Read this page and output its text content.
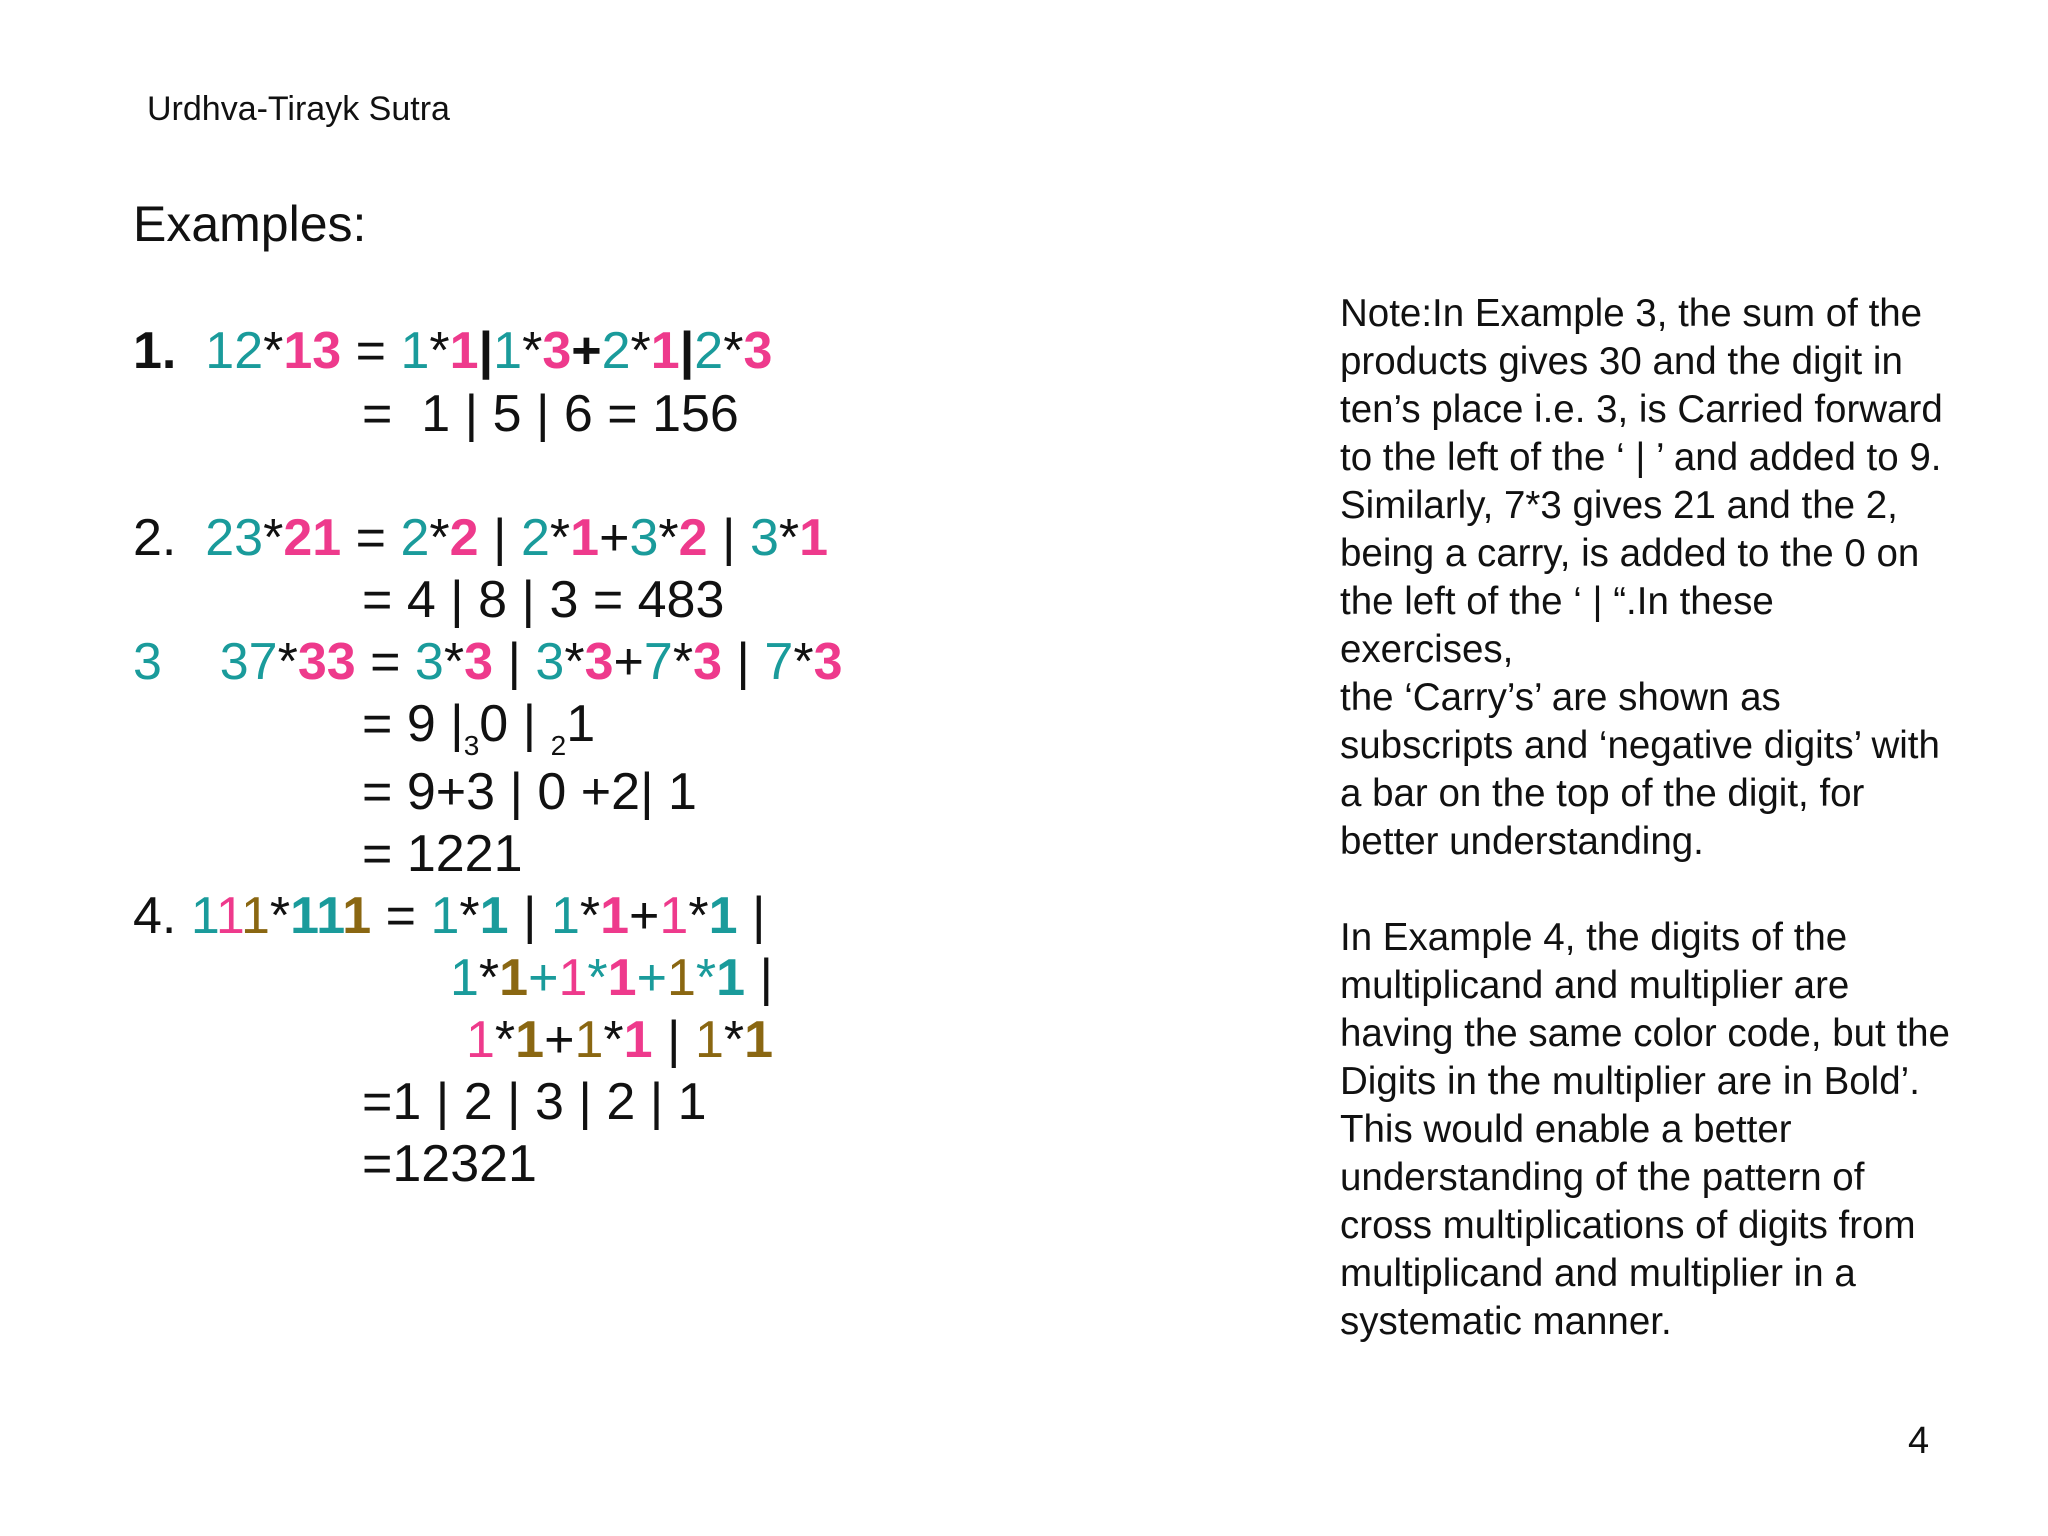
Urdhva-Tirayk Sutra
Examples:
1. 12*13 = 1*1|1*3+2*1|2*3
=  1 | 5 | 6 = 156
2.  23*21 = 2*2 | 2*1+3*2 | 3*1
= 4 | 8 | 3 = 483
3 37*33 = 3*3 | 3*3+7*3 | 7*3
= 9 $|_30$ | $_2$1
= 9+3 | 0 +2| 1
= 1221
4. 111*111 = 1*1 | 1*1+1*1 |
1*1+1*1+1*1 |
1*1+1*1 | 1*1
=1 | 2 | 3 | 2 | 1
=12321

Note:In Example 3, the sum of the

products gives 30 and the digit in

ten’s place i.e. 3, is Carried forward

to the left of the ‘ | ’ and added to 9.

Similarly, 7*3 gives 21 and the 2,

being a carry, is added to the 0 on

the left of the ‘ | “.In these

exercises,

the ‘Carry’s’ are shown as

subscripts and ‘negative digits’ with

a bar on the top of the digit, for

better understanding.

In Example 4, the digits of the

multiplicand and multiplier are

having the same color code, but the

Digits in the multiplier are in Bold’.

This would enable a better

understanding of the pattern of

cross multiplications of digits from

multiplicand and multiplier in a

systematic manner.

4
